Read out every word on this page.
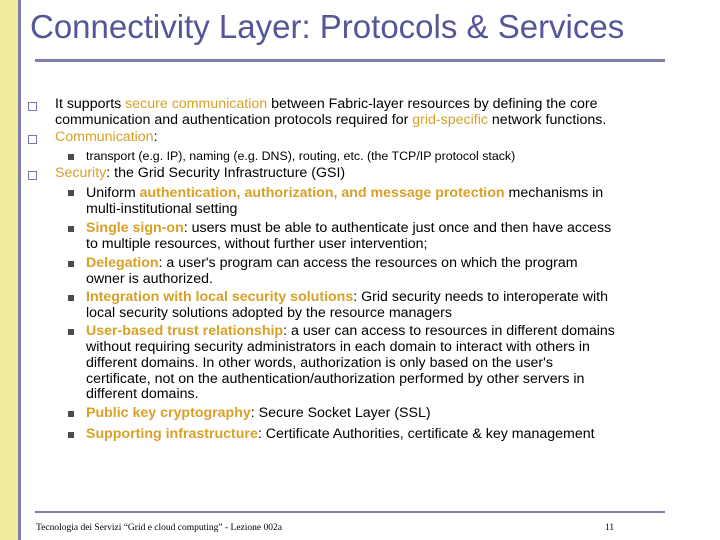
Connectivity Layer: Protocols & Services
It supports secure communication between Fabric-layer resources by defining the core
communication and authentication protocols required for grid-specific network functions.
Communication:
transport (e.g. IP), naming (e.g. DNS), routing, etc. (the TCP/IP protocol stack)
Security: the Grid Security Infrastructure (GSI)
Uniform authentication, authorization, and message protection mechanisms in
multi-institutional setting
Single sign-on: users must be able to authenticate just once and then have access
to multiple resources, without further user intervention;
Delegation: a user's program can access the resources on which the program
owner is authorized.
Integration with local security solutions: Grid security needs to interoperate with
local security solutions adopted by the resource managers
User-based trust relationship: a user can access to resources in different domains
without requiring security administrators in each domain to interact with others in
different domains. In other words, authorization is only based on the user's
certificate, not on the authentication/authorization performed by other servers in
different domains.
Public key cryptography: Secure Socket Layer (SSL)
Supporting infrastructure: Certificate Authorities, certificate & key management
Tecnologia dei Servizi “Grid e cloud computing” - Lezione 002a	11
